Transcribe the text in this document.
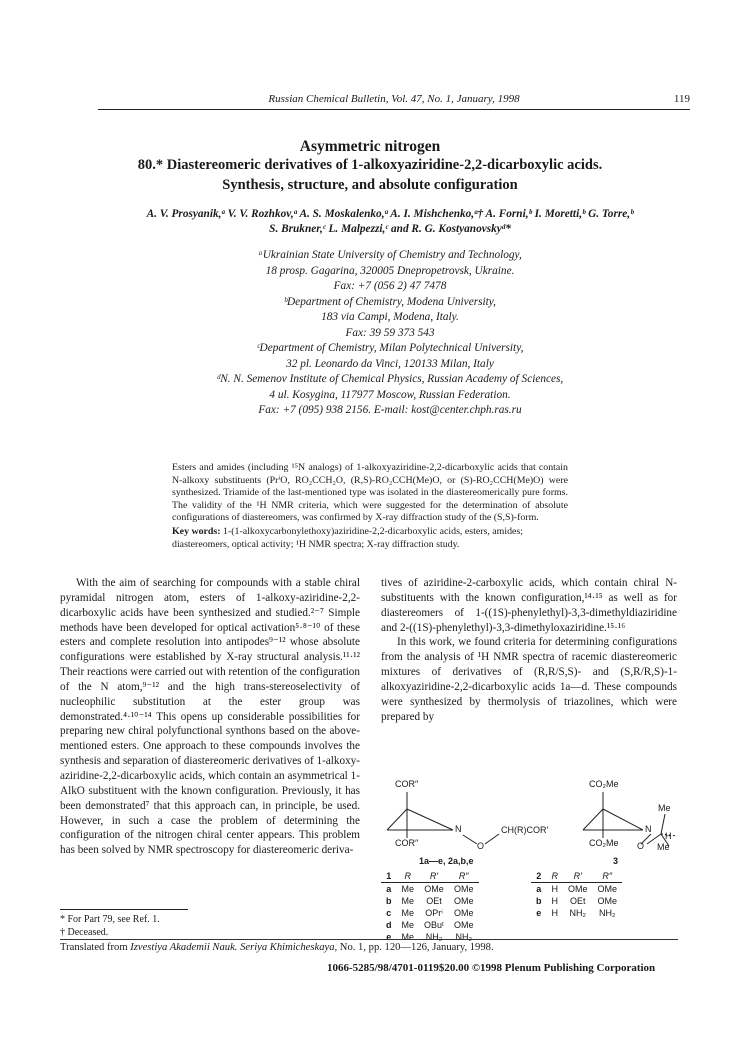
Russian Chemical Bulletin, Vol. 47, No. 1, January, 1998	119
Asymmetric nitrogen
80.* Diastereomeric derivatives of 1-alkoxyaziridine-2,2-dicarboxylic acids.
Synthesis, structure, and absolute configuration
A. V. Prosyanik,ᵃ V. V. Rozhkov,ᵃ A. S. Moskalenko,ᵃ A. I. Mishchenko,ᵃ† A. Forni,ᵇ I. Moretti,ᵇ G. Torre,ᵇ
S. Brukner,ᶜ L. Malpezzi,ᶜ and R. G. Kostyanovskyᵈ*
ᵃUkrainian State University of Chemistry and Technology,
18 prosp. Gagarina, 320005 Dnepropetrovsk, Ukraine.
Fax: +7 (056 2) 47 7478
ᵇDepartment of Chemistry, Modena University,
183 via Campi, Modena, Italy.
Fax: 39 59 373 543
ᶜDepartment of Chemistry, Milan Polytechnical University,
32 pl. Leonardo da Vinci, 120133 Milan, Italy
ᵈN. N. Semenov Institute of Chemical Physics, Russian Academy of Sciences,
4 ul. Kosygina, 117977 Moscow, Russian Federation.
Fax: +7 (095) 938 2156. E-mail: kost@center.chph.ras.ru
Esters and amides (including ¹⁵N analogs) of 1-alkoxyaziridine-2,2-dicarboxylic acids that contain N-alkoxy substituents (PrⁱO, RO₂CCH₂O, (R,S)-RO₂CCH(Me)O, or (S)-RO₂CCH(Me)O) were synthesized. Triamide of the last-mentioned type was isolated in the diastereomerically pure forms. The validity of the ¹H NMR criteria, which were suggested for the determination of absolute configurations of diastereomers, was confirmed by X-ray diffraction study of the (S,S)-form.
Key words: 1-(1-alkoxycarbonylethoxy)aziridine-2,2-dicarboxylic acids, esters, amides; diastereomers, optical activity; ¹H NMR spectra; X-ray diffraction study.

With the aim of searching for compounds with a stable chiral pyramidal nitrogen atom, esters of 1-alkoxy-aziridine-2,2-dicarboxylic acids have been synthesized and studied.²⁻⁷ Simple methods have been developed for optical activation⁵·⁸⁻¹⁰ of these esters and complete resolution into antipodes⁹⁻¹² whose absolute configurations were established by X-ray structural analysis.¹¹·¹² Their reactions were carried out with retention of the configuration of the N atom,⁹⁻¹² and the high trans-stereoselectivity of nucleophilic substitution at the ester group was demonstrated.⁴·¹⁰⁻¹⁴ This opens up considerable possibilities for preparing new chiral polyfunctional synthons based on the above-mentioned esters. One approach to these compounds involves the synthesis and separation of diastereomeric derivatives of 1-alkoxy-aziridine-2,2-dicarboxylic acids, which contain an asymmetrical 1-AlkO substituent with the known configuration. Previously, it has been demonstrated⁷ that this approach can, in principle, be used. However, in such a case the problem of determining the configuration of the nitrogen chiral center appears. This problem has been solved by NMR spectroscopy for diastereomeric deriva-

tives of aziridine-2-carboxylic acids, which contain chiral N-substituents with the known configuration,¹⁴·¹⁵ as well as for diastereomers of 1-((1S)-phenylethyl)-3,3-dimethyldiaziridine and 2-((1S)-phenylethyl)-3,3-dimethyloxaziridine.¹⁵·¹⁶

In this work, we found criteria for determining configurations from the analysis of ¹H NMR spectra of racemic diastereomeric mixtures of derivatives of (R,R/S,S)- and (S,R/R,S)-1-alkoxyaziridine-2,2-dicarboxylic acids 1a—d. These compounds were synthesized by thermolysis of triazolines, which were prepared by

COR″
COR″
N
O
CH(R)COR′
1a—e, 2a,b,e
CO₂Me
CO₂Me
N
O
Me
H
Me
3
1	R	R′	R″
a	Me	OMe	OMe
b	Me	OEt	OMe
c	Me	OPrⁱ	OMe
d	Me	OBuᵗ	OMe
e	Me	NH₂	NH₂
2	R	R′	R″
a	H	OMe	OMe
b	H	OEt	OMe
e	H	NH₂	NH₂
* For Part 79, see Ref. 1.
† Deceased.
Translated from Izvestiya Akademii Nauk. Seriya Khimicheskaya, No. 1, pp. 120—126, January, 1998.
1066-5285/98/4701-0119$20.00 ©1998 Plenum Publishing Corporation
